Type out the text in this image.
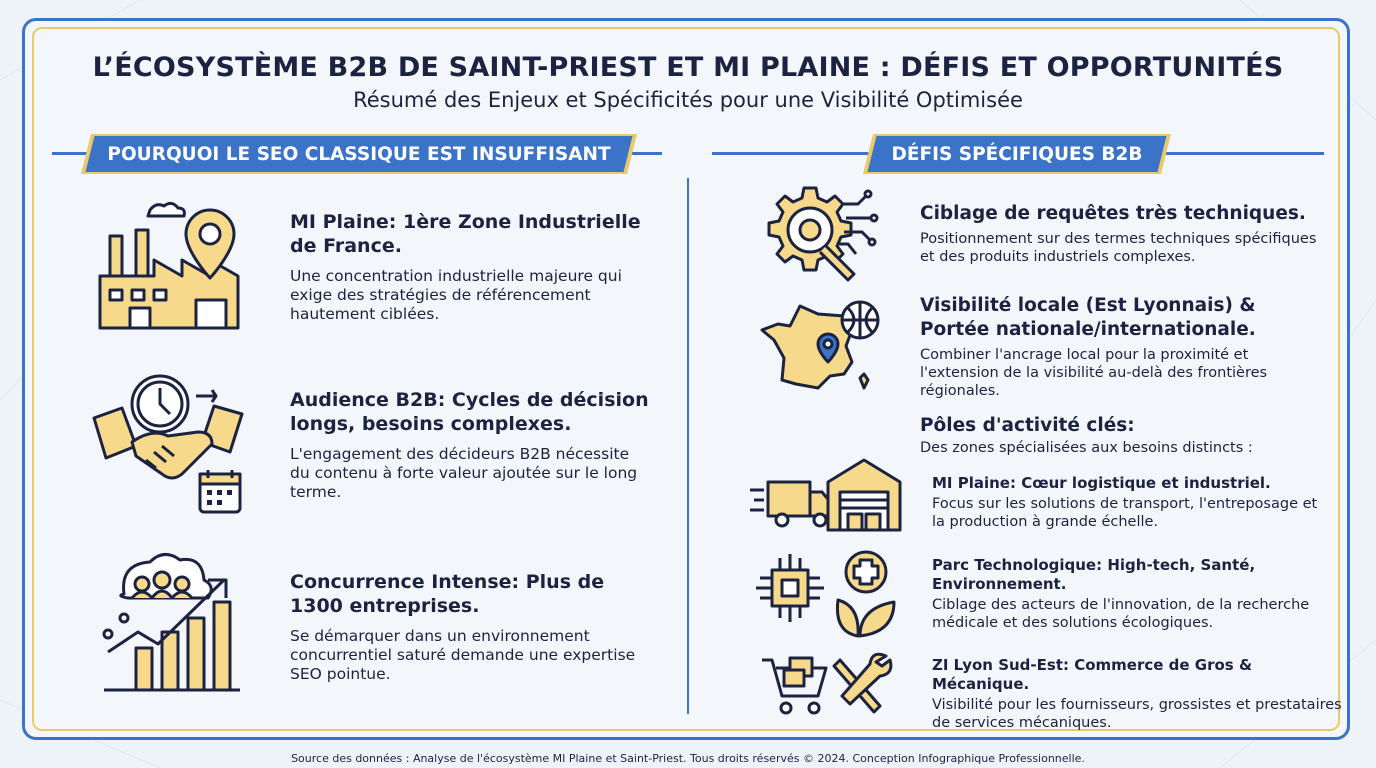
L’ÉCOSYSTÈME B2B DE SAINT-PRIEST ET MI PLAINE : DÉFIS ET OPPORTUNITÉS
Résumé des Enjeux et Spécificités pour une Visibilité Optimisée
POURQUOI LE SEO CLASSIQUE EST INSUFFISANT	DÉFIS SPÉCIFIQUES B2B
MI Plaine: 1ère Zone Industrielle de France.
Une concentration industrielle majeure qui exige des stratégies de référencement hautement ciblées.
Audience B2B: Cycles de décision longs, besoins complexes.
L'engagement des décideurs B2B nécessite du contenu à forte valeur ajoutée sur le long terme.
Concurrence Intense: Plus de 1300 entreprises.
Se démarquer dans un environnement concurrentiel saturé demande une expertise SEO pointue.
Ciblage de requêtes très techniques.
Positionnement sur des termes techniques spécifiques et des produits industriels complexes.
Visibilité locale (Est Lyonnais) & Portée nationale/internationale.
Combiner l'ancrage local pour la proximité et l'extension de la visibilité au-delà des frontières régionales.
Pôles d'activité clés:
Des zones spécialisées aux besoins distincts :
MI Plaine: Cœur logistique et industriel.
Focus sur les solutions de transport, l'entreposage et la production à grande échelle.
Parc Technologique: High-tech, Santé, Environnement.
Ciblage des acteurs de l'innovation, de la recherche médicale et des solutions écologiques.
ZI Lyon Sud-Est: Commerce de Gros & Mécanique.
Visibilité pour les fournisseurs, grossistes et prestataires de services mécaniques.
Source des données : Analyse de l'écosystème MI Plaine et Saint-Priest. Tous droits réservés © 2024. Conception Infographique Professionnelle.
